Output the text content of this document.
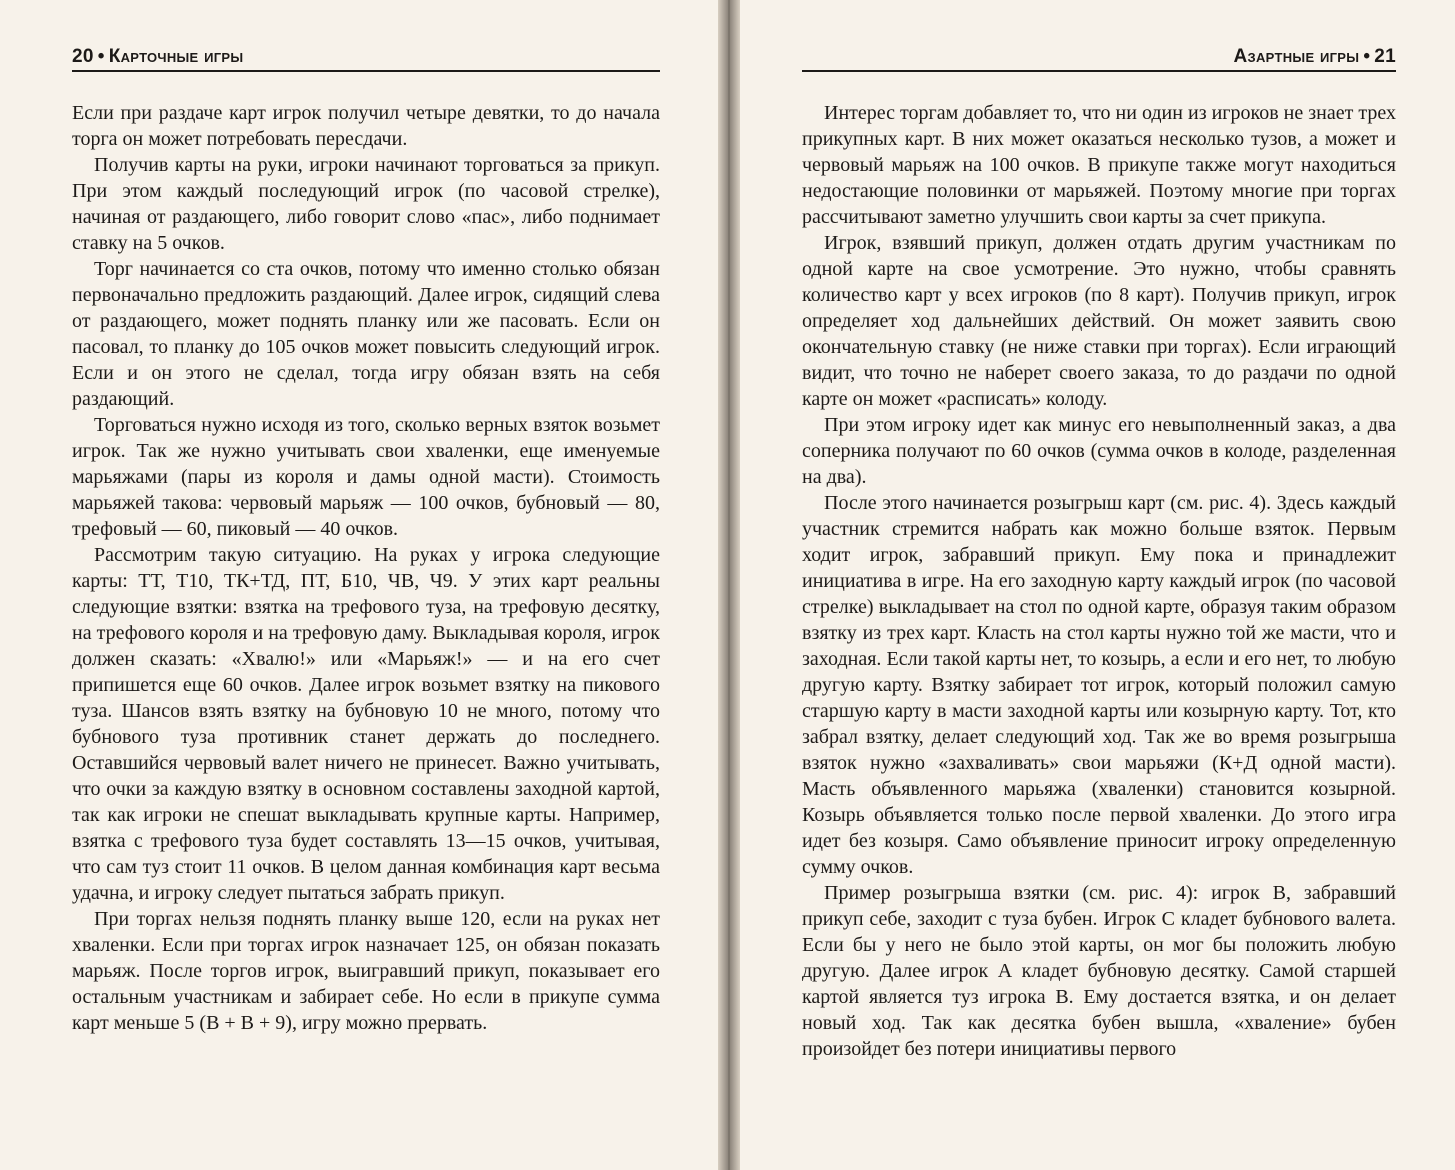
20 • Карточные игры

Если при раздаче карт игрок получил четыре девятки, то до начала торга он может потребовать пересдачи.

Получив карты на руки, игроки начинают торговаться за прикуп. При этом каждый последующий игрок (по часовой стрелке), начиная от раздающего, либо говорит слово «пас», либо поднимает ставку на 5 очков.

Торг начинается со ста очков, потому что именно столько обязан первоначально предложить раздающий. Далее игрок, сидящий слева от раздающего, может поднять планку или же пасовать. Если он пасовал, то планку до 105 очков может повысить следующий игрок. Если и он этого не сделал, тогда игру обязан взять на себя раздающий.

Торговаться нужно исходя из того, сколько верных взяток возьмет игрок. Так же нужно учитывать свои хваленки, еще именуемые марьяжами (пары из короля и дамы одной масти). Стоимость марьяжей такова: червовый марьяж — 100 очков, бубновый — 80, трефовый — 60, пиковый — 40 очков.

Рассмотрим такую ситуацию. На руках у игрока следующие карты: ТТ, Т10, ТК+ТД, ПТ, Б10, ЧВ, Ч9. У этих карт реальны следующие взятки: взятка на трефового туза, на трефовую десятку, на трефового короля и на трефовую даму. Выкладывая короля, игрок должен сказать: «Хвалю!» или «Марьяж!» — и на его счет припишется еще 60 очков. Далее игрок возьмет взятку на пикового туза. Шансов взять взятку на бубновую 10 не много, потому что бубнового туза противник станет держать до последнего. Оставшийся червовый валет ничего не принесет. Важно учитывать, что очки за каждую взятку в основном составлены заходной картой, так как игроки не спешат выкладывать крупные карты. Например, взятка с трефового туза будет составлять 13—15 очков, учитывая, что сам туз стоит 11 очков. В целом данная комбинация карт весьма удачна, и игроку следует пытаться забрать прикуп.

При торгах нельзя поднять планку выше 120, если на руках нет хваленки. Если при торгах игрок назначает 125, он обязан показать марьяж. После торгов игрок, выигравший прикуп, показывает его остальным участникам и забирает себе. Но если в прикупе сумма карт меньше 5 (В + В + 9), игру можно прервать.

Азартные игры • 21

Интерес торгам добавляет то, что ни один из игроков не знает трех прикупных карт. В них может оказаться несколько тузов, а может и червовый марьяж на 100 очков. В прикупе также могут находиться недостающие половинки от марьяжей. Поэтому многие при торгах рассчитывают заметно улучшить свои карты за счет прикупа.

Игрок, взявший прикуп, должен отдать другим участникам по одной карте на свое усмотрение. Это нужно, чтобы сравнять количество карт у всех игроков (по 8 карт). Получив прикуп, игрок определяет ход дальнейших действий. Он может заявить свою окончательную ставку (не ниже ставки при торгах). Если играющий видит, что точно не наберет своего заказа, то до раздачи по одной карте он может «расписать» колоду.

При этом игроку идет как минус его невыполненный заказ, а два соперника получают по 60 очков (сумма очков в колоде, разделенная на два).

После этого начинается розыгрыш карт (см. рис. 4). Здесь каждый участник стремится набрать как можно больше взяток. Первым ходит игрок, забравший прикуп. Ему пока и принадлежит инициатива в игре. На его заходную карту каждый игрок (по часовой стрелке) выкладывает на стол по одной карте, образуя таким образом взятку из трех карт. Класть на стол карты нужно той же масти, что и заходная. Если такой карты нет, то козырь, а если и его нет, то любую другую карту. Взятку забирает тот игрок, который положил самую старшую карту в масти заходной карты или козырную карту. Тот, кто забрал взятку, делает следующий ход. Так же во время розыгрыша взяток нужно «захваливать» свои марьяжи (К+Д одной масти). Масть объявленного марьяжа (хваленки) становится козырной. Козырь объявляется только после первой хваленки. До этого игра идет без козыря. Само объявление приносит игроку определенную сумму очков.

Пример розыгрыша взятки (см. рис. 4): игрок В, забравший прикуп себе, заходит с туза бубен. Игрок С кладет бубнового валета. Если бы у него не было этой карты, он мог бы положить любую другую. Далее игрок А кладет бубновую десятку. Самой старшей картой является туз игрока В. Ему достается взятка, и он делает новый ход. Так как десятка бубен вышла, «хваление» бубен произойдет без потери инициативы первого
